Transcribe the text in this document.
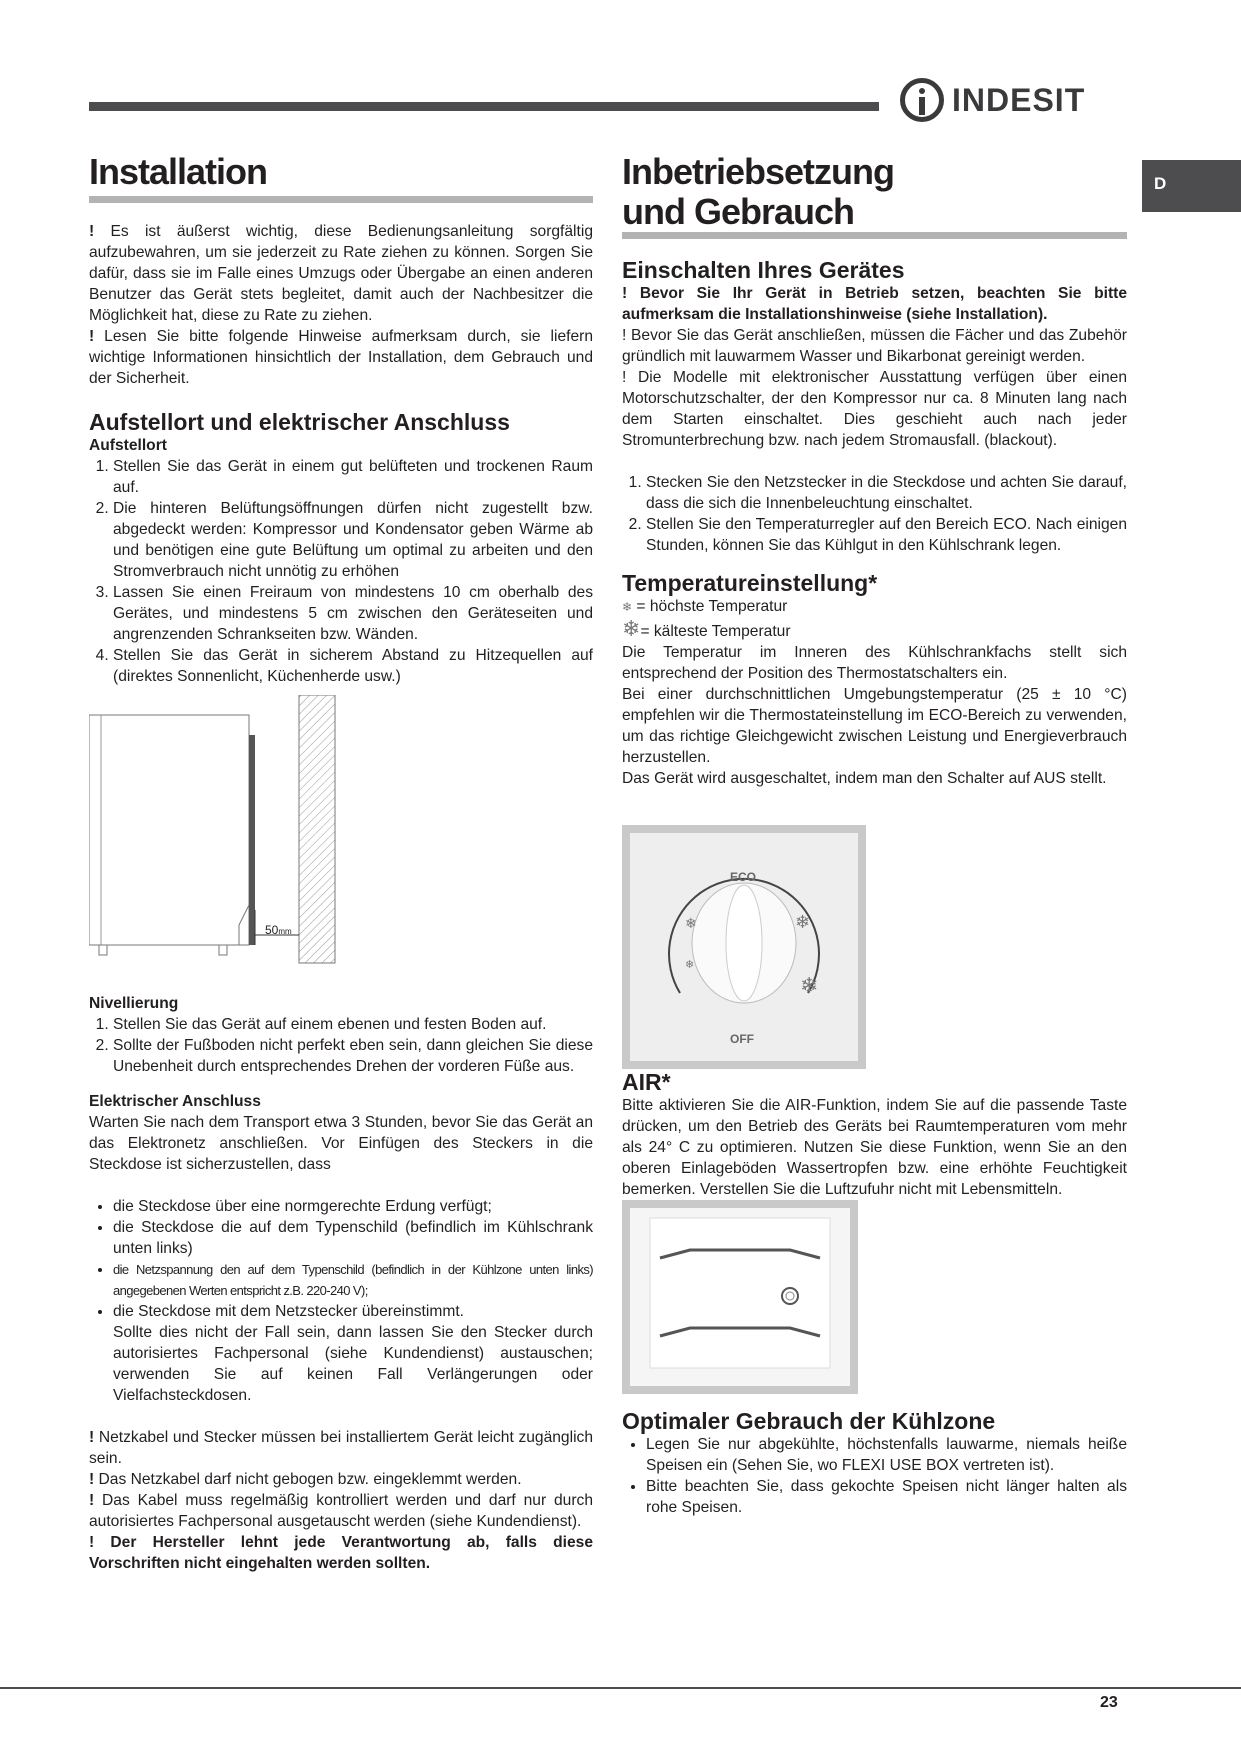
INDESIT
D
Installation

! Es ist äußerst wichtig, diese Bedienungsanleitung sorgfältig aufzubewahren, um sie jederzeit zu Rate ziehen zu können. Sorgen Sie dafür, dass sie im Falle eines Umzugs oder Übergabe an einen anderen Benutzer das Gerät stets begleitet, damit auch der Nachbesitzer die Möglichkeit hat, diese zu Rate zu ziehen.

! Lesen Sie bitte folgende Hinweise aufmerksam durch, sie liefern wichtige Informationen hinsichtlich der Installation, dem Gebrauch und der Sicherheit.

Aufstellort und elektrischer Anschluss
Aufstellort
1. Stellen Sie das Gerät in einem gut belüfteten und trockenen Raum auf.
2. Die hinteren Belüftungsöffnungen dürfen nicht zugestellt bzw. abgedeckt werden: Kompressor und Kondensator geben Wärme ab und benötigen eine gute Belüftung um optimal zu arbeiten und den Stromverbrauch nicht unnötig zu erhöhen
3. Lassen Sie einen Freiraum von mindestens 10 cm oberhalb des Gerätes, und mindestens 5 cm zwischen den Geräteseiten und angrenzenden Schrankseiten bzw. Wänden.
4. Stellen Sie das Gerät in sicherem Abstand zu Hitzequellen auf (direktes Sonnenlicht, Küchenherde usw.)
50mm
Nivellierung
1. Stellen Sie das Gerät auf einem ebenen und festen Boden auf.
2. Sollte der Fußboden nicht perfekt eben sein, dann gleichen Sie diese Unebenheit durch entsprechendes Drehen der vorderen Füße aus.
Elektrischer Anschluss

Warten Sie nach dem Transport etwa 3 Stunden, bevor Sie das Gerät an das Elektronetz anschließen. Vor Einfügen des Steckers in die Steckdose ist sicherzustellen, dass

• die Steckdose über eine normgerechte Erdung verfügt;
• die Steckdose die auf dem Typenschild (befindlich im Kühlschrank unten links)
• die Netzspannung den auf dem Typenschild (befindlich in der Kühlzone unten links) angegebenen Werten entspricht z.B. 220-240 V);
• die Steckdose mit dem Netzstecker übereinstimmt.

Sollte dies nicht der Fall sein, dann lassen Sie den Stecker durch autorisiertes Fachpersonal (siehe Kundendienst) austauschen; verwenden Sie auf keinen Fall Verlängerungen oder Vielfachsteckdosen.

! Netzkabel und Stecker müssen bei installiertem Gerät leicht zugänglich sein.

! Das Netzkabel darf nicht gebogen bzw. eingeklemmt werden.

! Das Kabel muss regelmäßig kontrolliert werden und darf nur durch autorisiertes Fachpersonal ausgetauscht werden (siehe Kundendienst).

! Der Hersteller lehnt jede Verantwortung ab, falls diese Vorschriften nicht eingehalten werden sollten.

Inbetriebsetzung und Gebrauch
Einschalten Ihres Gerätes

! Bevor Sie Ihr Gerät in Betrieb setzen, beachten Sie bitte aufmerksam die Installationshinweise (siehe Installation).

! Bevor Sie das Gerät anschließen, müssen die Fächer und das Zubehör gründlich mit lauwarmem Wasser und Bikarbonat gereinigt werden.

! Die Modelle mit elektronischer Ausstattung verfügen über einen Motorschutzschalter, der den Kompressor nur ca. 8 Minuten lang nach dem Starten einschaltet. Dies geschieht auch nach jeder Stromunterbrechung bzw. nach jedem Stromausfall. (blackout).

1. Stecken Sie den Netzstecker in die Steckdose und achten Sie darauf, dass die sich die Innenbeleuchtung einschaltet.
2. Stellen Sie den Temperaturregler auf den Bereich ECO. Nach einigen Stunden, können Sie das Kühlgut in den Kühlschrank legen.
Temperatureinstellung*

❄ = höchste Temperatur

❄= kälteste Temperatur

Die Temperatur im Inneren des Kühlschrankfachs stellt sich entsprechend der Position des Thermostatschalters ein.

Bei einer durchschnittlichen Umgebungstemperatur (25 ± 10 °C) empfehlen wir die Thermostateinstellung im ECO-Bereich zu verwenden, um das richtige Gleichgewicht zwischen Leistung und Energieverbrauch herzustellen.

Das Gerät wird ausgeschaltet, indem man den Schalter auf AUS stellt.

❄
❄
❄
❄
ECO
OFF
AIR*

Bitte aktivieren Sie die AIR-Funktion, indem Sie auf die passende Taste drücken, um den Betrieb des Geräts bei Raumtemperaturen vom mehr als 24° C zu optimieren. Nutzen Sie diese Funktion, wenn Sie an den oberen Einlageböden Wassertropfen bzw. eine erhöhte Feuchtigkeit bemerken. Verstellen Sie die Luftzufuhr nicht mit Lebensmitteln.

Optimaler Gebrauch der Kühlzone
• Legen Sie nur abgekühlte, höchstenfalls lauwarme, niemals heiße Speisen ein (Sehen Sie, wo FLEXI USE BOX vertreten ist).
• Bitte beachten Sie, dass gekochte Speisen nicht länger halten als rohe Speisen.
23
